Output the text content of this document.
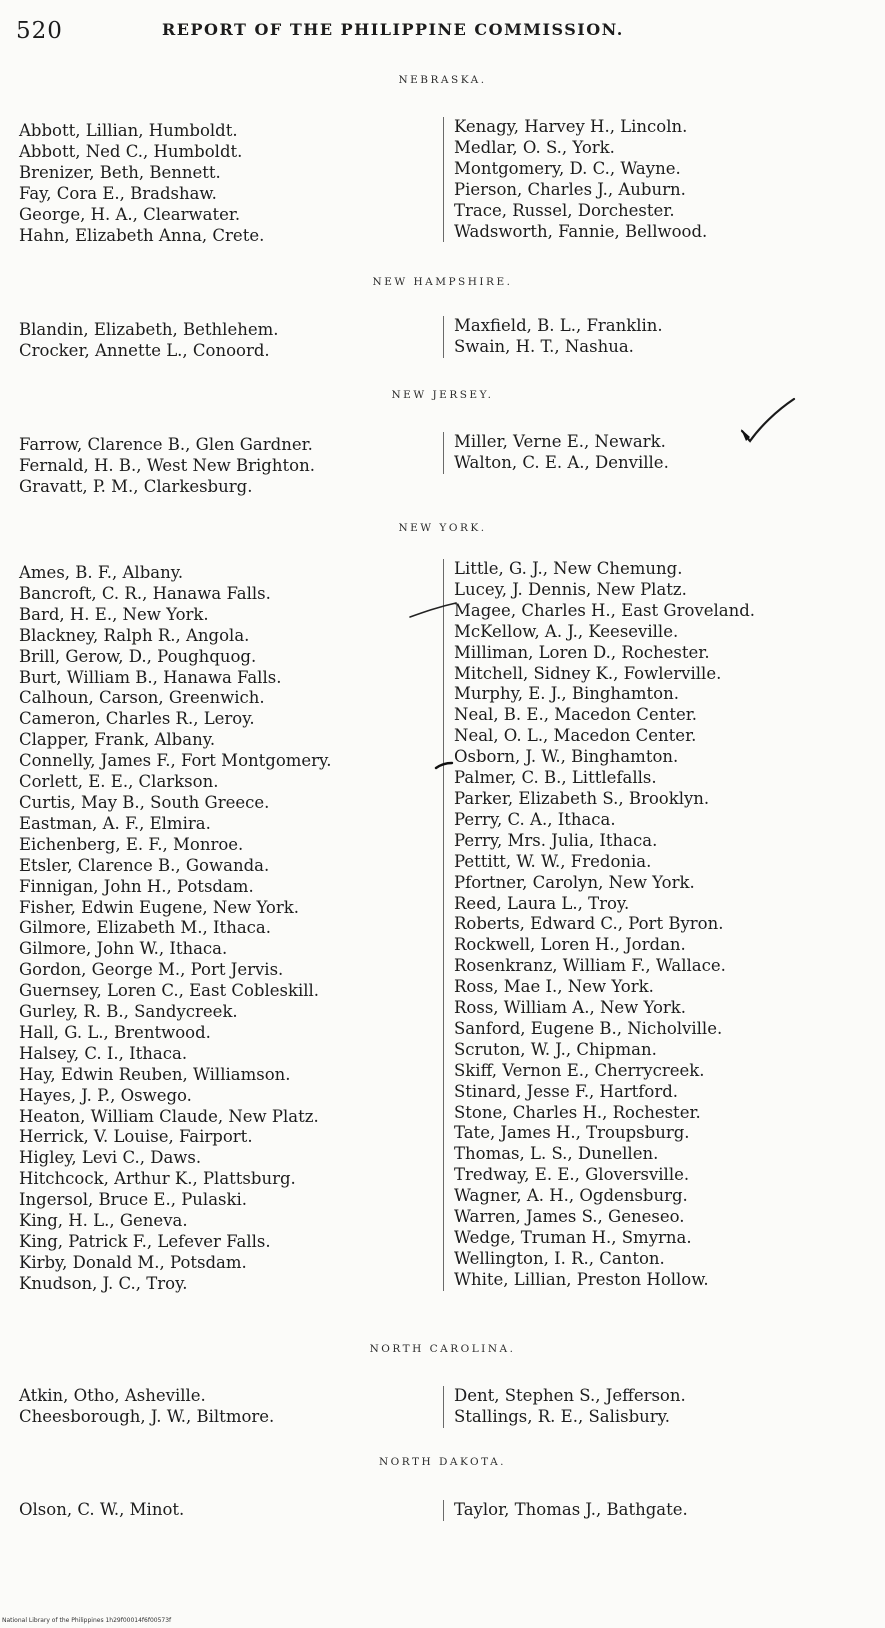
520	REPORT OF THE PHILIPPINE COMMISSION.
NEBRASKA.
Abbott, Lillian, Humboldt.
Abbott, Ned C., Humboldt.
Brenizer, Beth, Bennett.
Fay, Cora E., Bradshaw.
George, H. A., Clearwater.
Hahn, Elizabeth Anna, Crete.
Kenagy, Harvey H., Lincoln.
Medlar, O. S., York.
Montgomery, D. C., Wayne.
Pierson, Charles J., Auburn.
Trace, Russel, Dorchester.
Wadsworth, Fannie, Bellwood.
NEW HAMPSHIRE.
Blandin, Elizabeth, Bethlehem.
Crocker, Annette L., Conoord.
Maxfield, B. L., Franklin.
Swain, H. T., Nashua.
NEW JERSEY.
Farrow, Clarence B., Glen Gardner.
Fernald, H. B., West New Brighton.
Gravatt, P. M., Clarkesburg.
Miller, Verne E., Newark.
Walton, C. E. A., Denville.
NEW YORK.
Ames, B. F., Albany.
Bancroft, C. R., Hanawa Falls.
Bard, H. E., New York.
Blackney, Ralph R., Angola.
Brill, Gerow, D., Poughquog.
Burt, William B., Hanawa Falls.
Calhoun, Carson, Greenwich.
Cameron, Charles R., Leroy.
Clapper, Frank, Albany.
Connelly, James F., Fort Montgomery.
Corlett, E. E., Clarkson.
Curtis, May B., South Greece.
Eastman, A. F., Elmira.
Eichenberg, E. F., Monroe.
Etsler, Clarence B., Gowanda.
Finnigan, John H., Potsdam.
Fisher, Edwin Eugene, New York.
Gilmore, Elizabeth M., Ithaca.
Gilmore, John W., Ithaca.
Gordon, George M., Port Jervis.
Guernsey, Loren C., East Cobleskill.
Gurley, R. B., Sandycreek.
Hall, G. L., Brentwood.
Halsey, C. I., Ithaca.
Hay, Edwin Reuben, Williamson.
Hayes, J. P., Oswego.
Heaton, William Claude, New Platz.
Herrick, V. Louise, Fairport.
Higley, Levi C., Daws.
Hitchcock, Arthur K., Plattsburg.
Ingersol, Bruce E., Pulaski.
King, H. L., Geneva.
King, Patrick F., Lefever Falls.
Kirby, Donald M., Potsdam.
Knudson, J. C., Troy.
Little, G. J., New Chemung.
Lucey, J. Dennis, New Platz.
Magee, Charles H., East Groveland.
McKellow, A. J., Keeseville.
Milliman, Loren D., Rochester.
Mitchell, Sidney K., Fowlerville.
Murphy, E. J., Binghamton.
Neal, B. E., Macedon Center.
Neal, O. L., Macedon Center.
Osborn, J. W., Binghamton.
Palmer, C. B., Littlefalls.
Parker, Elizabeth S., Brooklyn.
Perry, C. A., Ithaca.
Perry, Mrs. Julia, Ithaca.
Pettitt, W. W., Fredonia.
Pfortner, Carolyn, New York.
Reed, Laura L., Troy.
Roberts, Edward C., Port Byron.
Rockwell, Loren H., Jordan.
Rosenkranz, William F., Wallace.
Ross, Mae I., New York.
Ross, William A., New York.
Sanford, Eugene B., Nicholville.
Scruton, W. J., Chipman.
Skiff, Vernon E., Cherrycreek.
Stinard, Jesse F., Hartford.
Stone, Charles H., Rochester.
Tate, James H., Troupsburg.
Thomas, L. S., Dunellen.
Tredway, E. E., Gloversville.
Wagner, A. H., Ogdensburg.
Warren, James S., Geneseo.
Wedge, Truman H., Smyrna.
Wellington, I. R., Canton.
White, Lillian, Preston Hollow.
NORTH CAROLINA.
Atkin, Otho, Asheville.
Cheesborough, J. W., Biltmore.
Dent, Stephen S., Jefferson.
Stallings, R. E., Salisbury.
NORTH DAKOTA.
Olson, C. W., Minot.	Taylor, Thomas J., Bathgate.
National Library of the Philippines 1h29f00014f6f00573f
